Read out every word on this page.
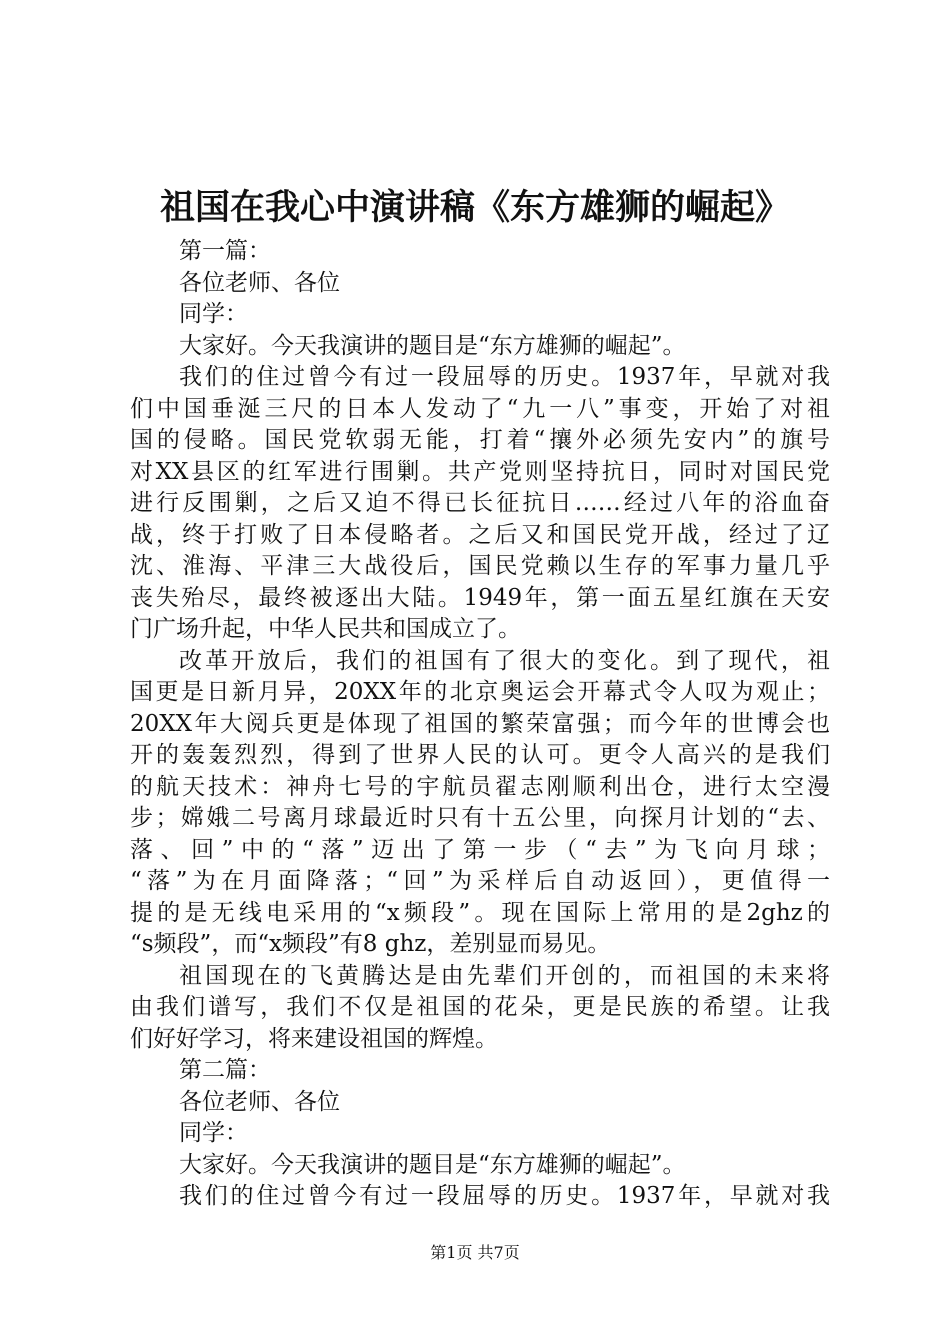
祖国在我心中演讲稿《东方雄狮的崛起》
第一篇：
各位老师、各位
同学：
大家好。今天我演讲的题目是“东方雄狮的崛起”。
我们的住过曾今有过一段屈辱的历史。1937年，早就对我
们中国垂涎三尺的日本人发动了“九一八”事变，开始了对祖
国的侵略。国民党软弱无能，打着“攘外必须先安内”的旗号
对XX县区的红军进行围剿。共产党则坚持抗日，同时对国民党
进行反围剿，之后又迫不得已长征抗日……经过八年的浴血奋
战，终于打败了日本侵略者。之后又和国民党开战，经过了辽
沈、淮海、平津三大战役后，国民党赖以生存的军事力量几乎
丧失殆尽，最终被逐出大陆。1949年，第一面五星红旗在天安
门广场升起，中华人民共和国成立了。
改革开放后，我们的祖国有了很大的变化。到了现代，祖
国更是日新月异，20XX年的北京奥运会开幕式令人叹为观止；
20XX年大阅兵更是体现了祖国的繁荣富强；而今年的世博会也
开的轰轰烈烈，得到了世界人民的认可。更令人高兴的是我们
的航天技术：神舟七号的宇航员翟志刚顺利出仓，进行太空漫
步；嫦娥二号离月球最近时只有十五公里，向探月计划的“去、
落、回”中的“落”迈出了第一步（“去”为飞向月球；
“落”为在月面降落；“回”为采样后自动返回），更值得一
提的是无线电采用的“x频段”。现在国际上常用的是2ghz的
“s频段”，而“x频段”有8 ghz，差别显而易见。
祖国现在的飞黄腾达是由先辈们开创的，而祖国的未来将
由我们谱写，我们不仅是祖国的花朵，更是民族的希望。让我
们好好学习，将来建设祖国的辉煌。
第二篇：
各位老师、各位
同学：
大家好。今天我演讲的题目是“东方雄狮的崛起”。
我们的住过曾今有过一段屈辱的历史。1937年，早就对我
第1页 共7页
